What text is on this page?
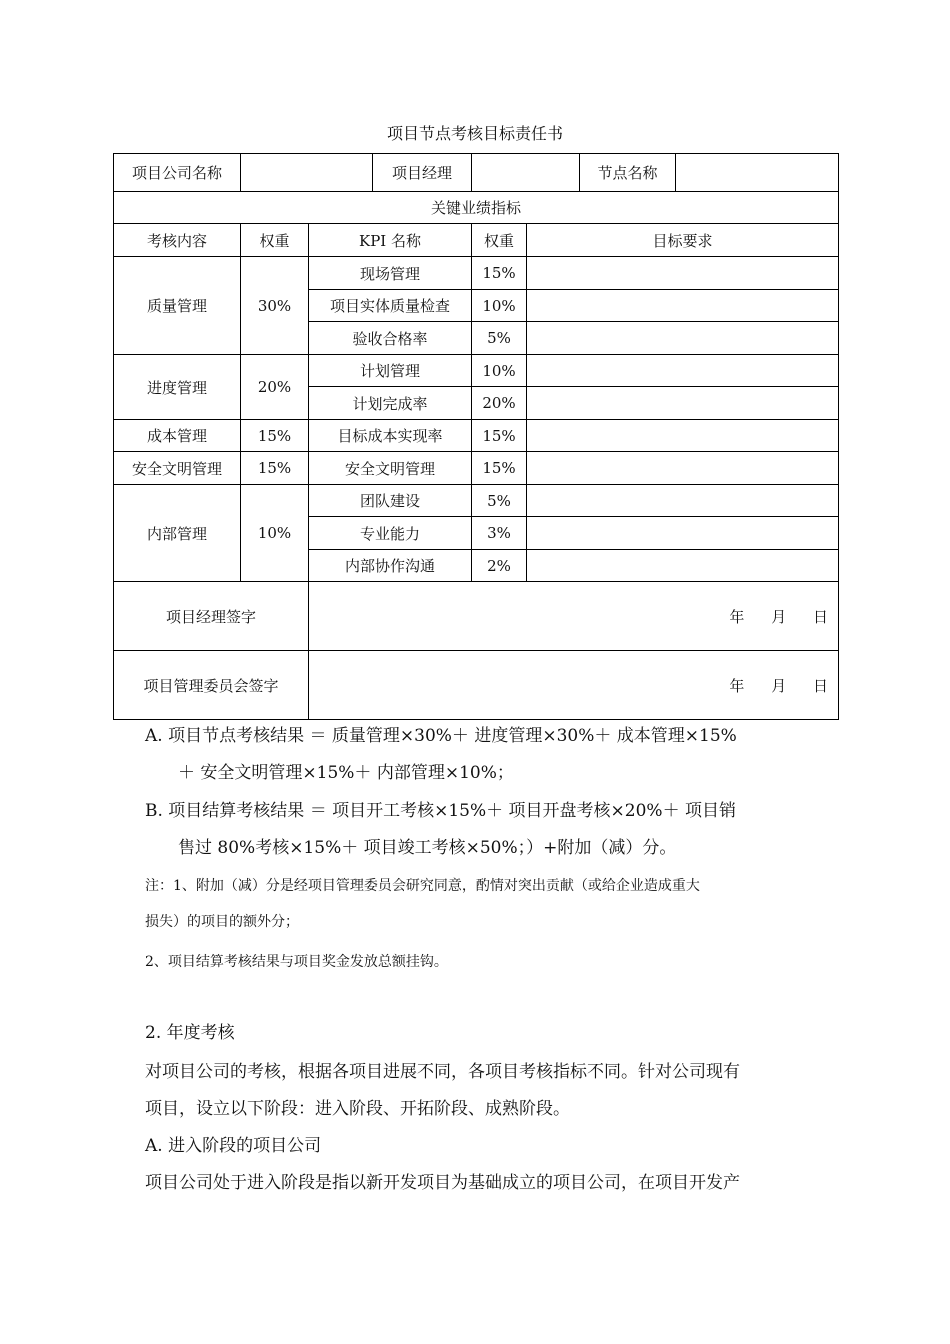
项目节点考核目标责任书
项目公司名称			项目经理			节点名称	
关键业绩指标							
考核内容	权重	KPI 名称		权重	目标要求		
质量管理	30%	现场管理		15%			
		项目实体质量检查		10%			
		验收合格率		5%			
进度管理	20%	计划管理		10%			
		计划完成率		20%			
成本管理	15%	目标成本实现率		15%			
安全文明管理	15%	安全文明管理		15%			
内部管理	10%	团队建设		5%			
		专业能力		3%			
		内部协作沟通		2%			
项目经理签字		年 月 日					
项目管理委员会签字		年 月 日					
A. 项目节点考核结果 ＝ 质量管理×30%＋ 进度管理×30%＋ 成本管理×15%
＋ 安全文明管理×15%＋ 内部管理×10%；
B. 项目结算考核结果 ＝ 项目开工考核×15%＋ 项目开盘考核×20%＋ 项目销
售过 80%考核×15%＋ 项目竣工考核×50%；）+附加（减）分。
注：1、附加（减）分是经项目管理委员会研究同意，酌情对突出贡献（或给企业造成重大
损失）的项目的额外分；
2、项目结算考核结果与项目奖金发放总额挂钩。
2. 年度考核
对项目公司的考核，根据各项目进展不同，各项目考核指标不同。针对公司现有
项目，设立以下阶段：进入阶段、开拓阶段、成熟阶段。
A. 进入阶段的项目公司
项目公司处于进入阶段是指以新开发项目为基础成立的项目公司，在项目开发产
